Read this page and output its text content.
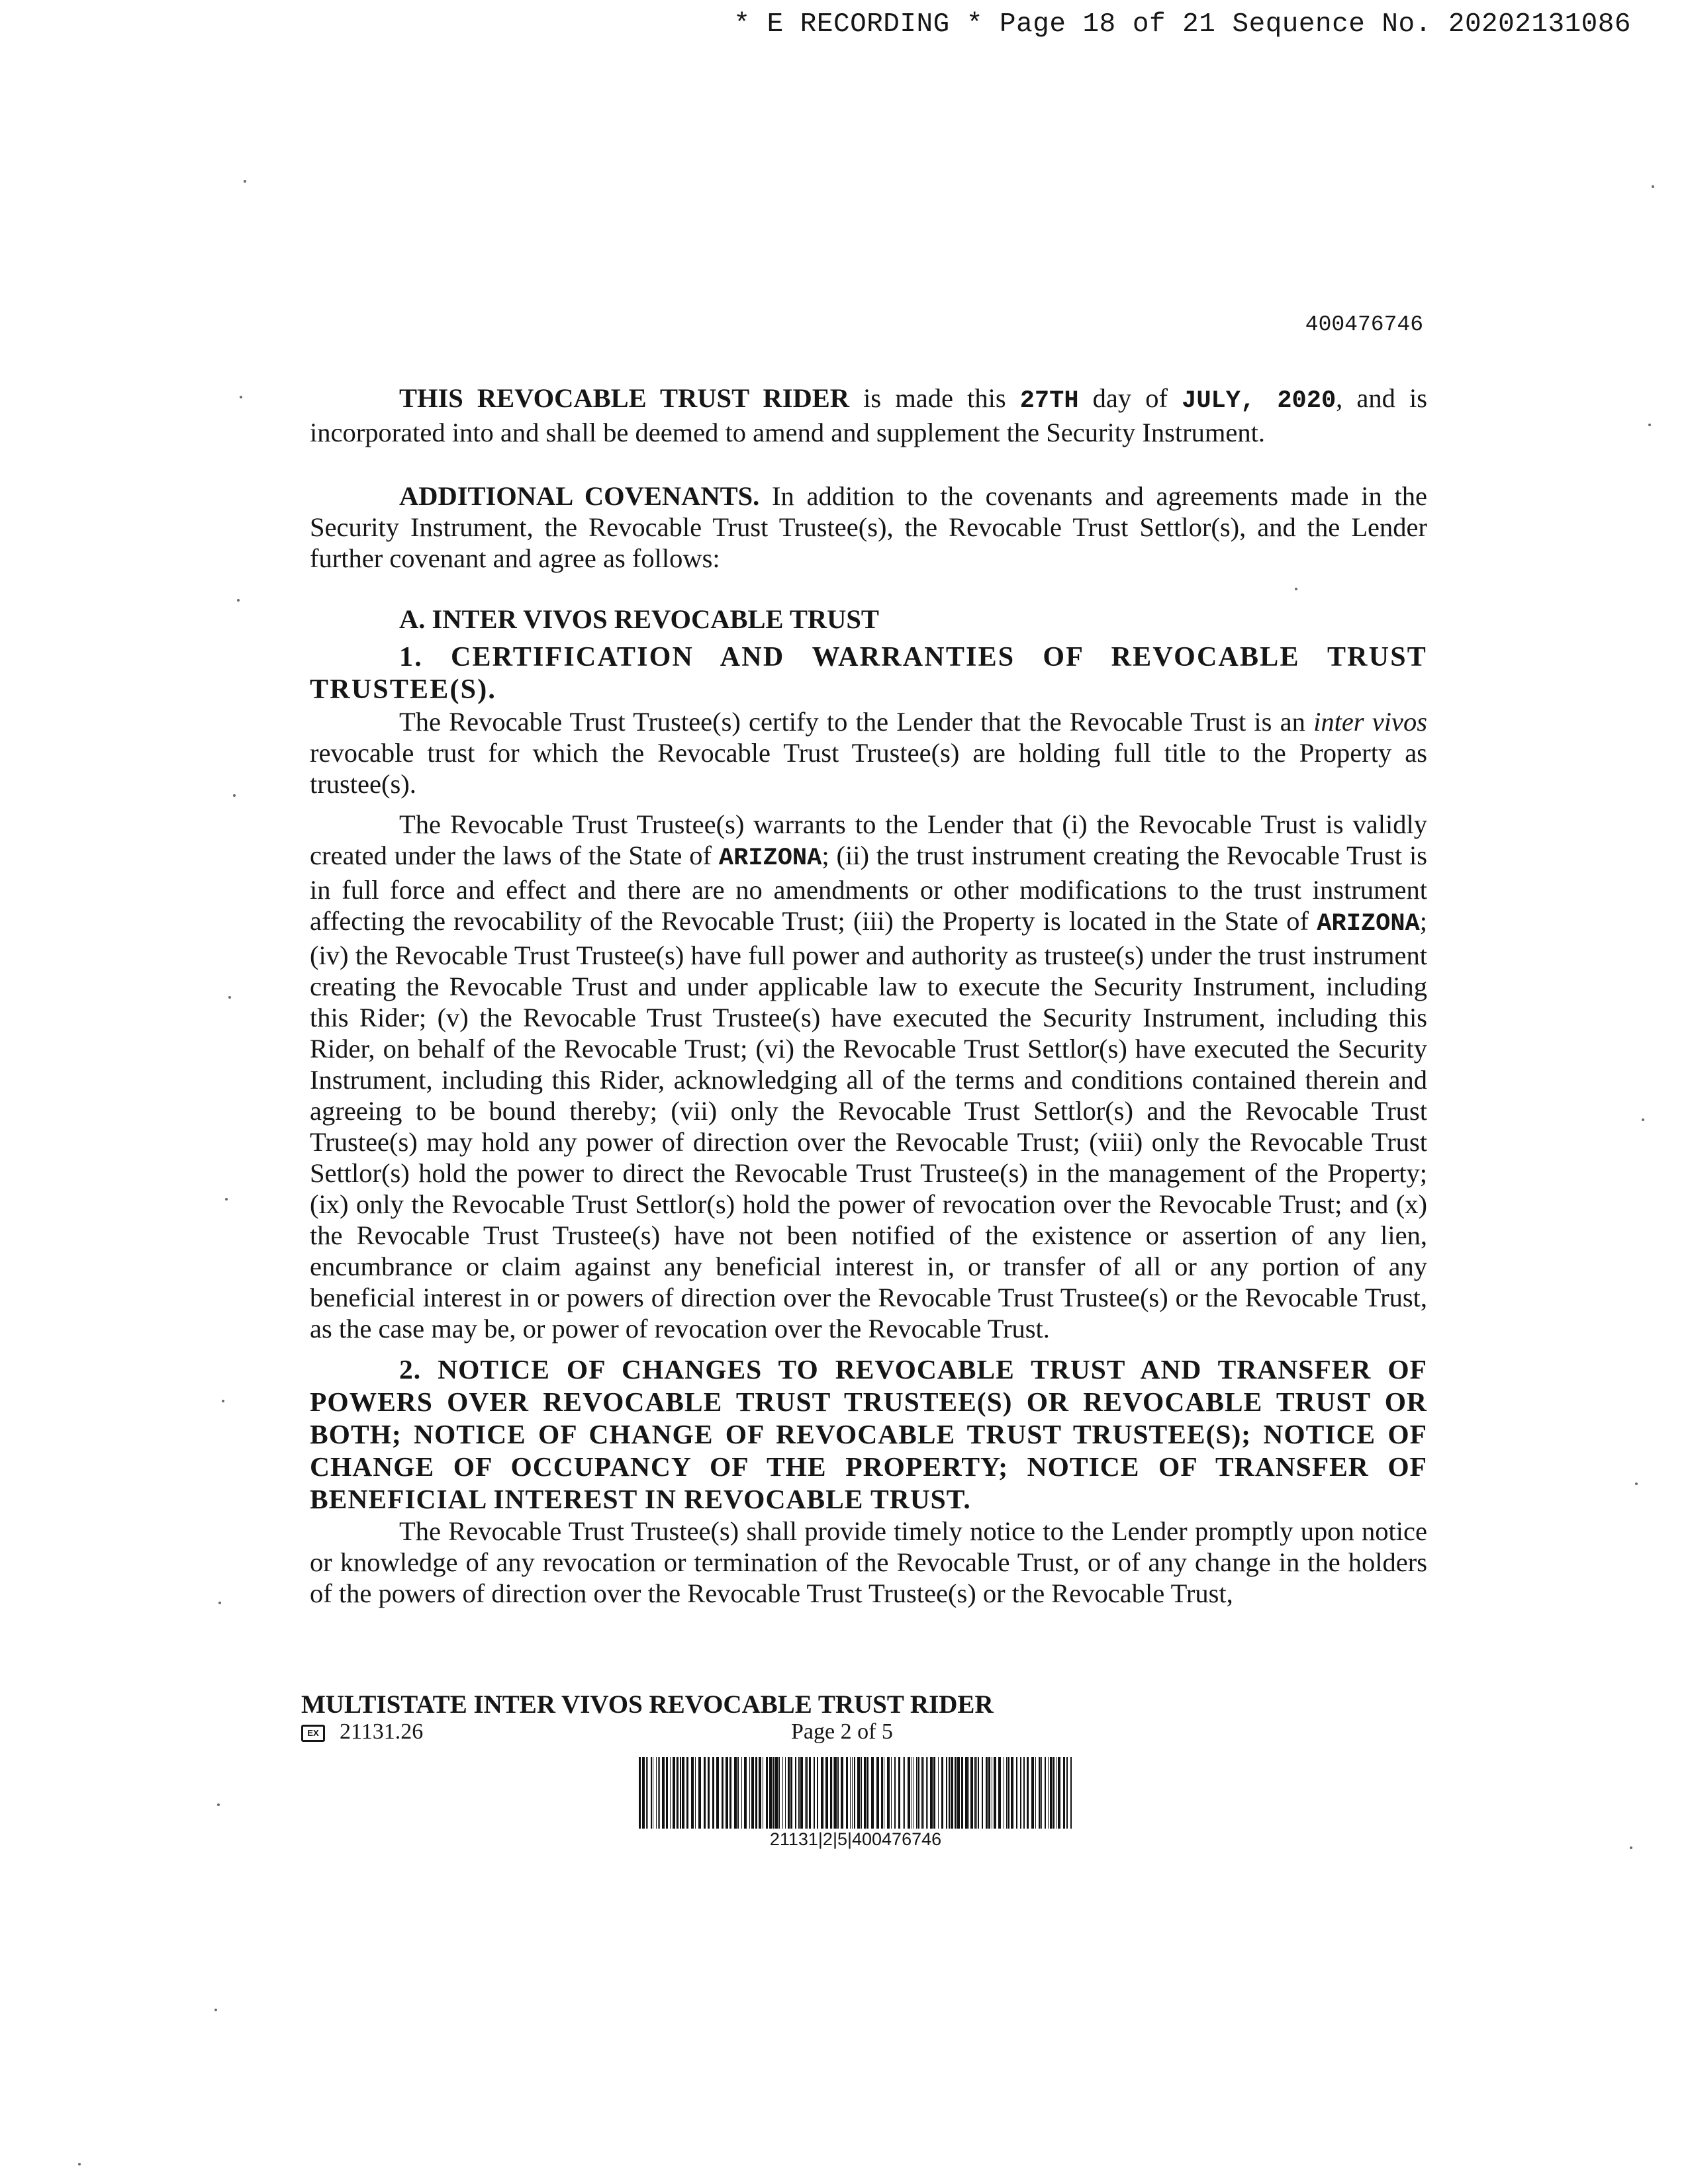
* E RECORDING * Page 18 of 21 Sequence No. 20202131086
400476746

THIS REVOCABLE TRUST RIDER is made this 27TH day of JULY, 2020, and is incorporated into and shall be deemed to amend and supplement the Security Instrument.

ADDITIONAL COVENANTS. In addition to the covenants and agreements made in the Security Instrument, the Revocable Trust Trustee(s), the Revocable Trust Settlor(s), and the Lender further covenant and agree as follows:

A. INTER VIVOS REVOCABLE TRUST

1. CERTIFICATION AND WARRANTIES OF REVOCABLE TRUST TRUSTEE(S).

The Revocable Trust Trustee(s) certify to the Lender that the Revocable Trust is an inter vivos revocable trust for which the Revocable Trust Trustee(s) are holding full title to the Property as trustee(s).

The Revocable Trust Trustee(s) warrants to the Lender that (i) the Revocable Trust is validly created under the laws of the State of ARIZONA; (ii) the trust instrument creating the Revocable Trust is in full force and effect and there are no amendments or other modifications to the trust instrument affecting the revocability of the Revocable Trust; (iii) the Property is located in the State of ARIZONA; (iv) the Revocable Trust Trustee(s) have full power and authority as trustee(s) under the trust instrument creating the Revocable Trust and under applicable law to execute the Security Instrument, including this Rider; (v) the Revocable Trust Trustee(s) have executed the Security Instrument, including this Rider, on behalf of the Revocable Trust; (vi) the Revocable Trust Settlor(s) have executed the Security Instrument, including this Rider, acknowledging all of the terms and conditions contained therein and agreeing to be bound thereby; (vii) only the Revocable Trust Settlor(s) and the Revocable Trust Trustee(s) may hold any power of direction over the Revocable Trust; (viii) only the Revocable Trust Settlor(s) hold the power to direct the Revocable Trust Trustee(s) in the management of the Property; (ix) only the Revocable Trust Settlor(s) hold the power of revocation over the Revocable Trust; and (x) the Revocable Trust Trustee(s) have not been notified of the existence or assertion of any lien, encumbrance or claim against any beneficial interest in, or transfer of all or any portion of any beneficial interest in or powers of direction over the Revocable Trust Trustee(s) or the Revocable Trust, as the case may be, or power of revocation over the Revocable Trust.

2. NOTICE OF CHANGES TO REVOCABLE TRUST AND TRANSFER OF POWERS OVER REVOCABLE TRUST TRUSTEE(S) OR REVOCABLE TRUST OR BOTH; NOTICE OF CHANGE OF REVOCABLE TRUST TRUSTEE(S); NOTICE OF CHANGE OF OCCUPANCY OF THE PROPERTY; NOTICE OF TRANSFER OF BENEFICIAL INTEREST IN REVOCABLE TRUST.

The Revocable Trust Trustee(s) shall provide timely notice to the Lender promptly upon notice or knowledge of any revocation or termination of the Revocable Trust, or of any change in the holders of the powers of direction over the Revocable Trust Trustee(s) or the Revocable Trust,

MULTISTATE INTER VIVOS REVOCABLE TRUST RIDER
EX 21131.26	Page 2 of 5
21131|2|5|400476746
